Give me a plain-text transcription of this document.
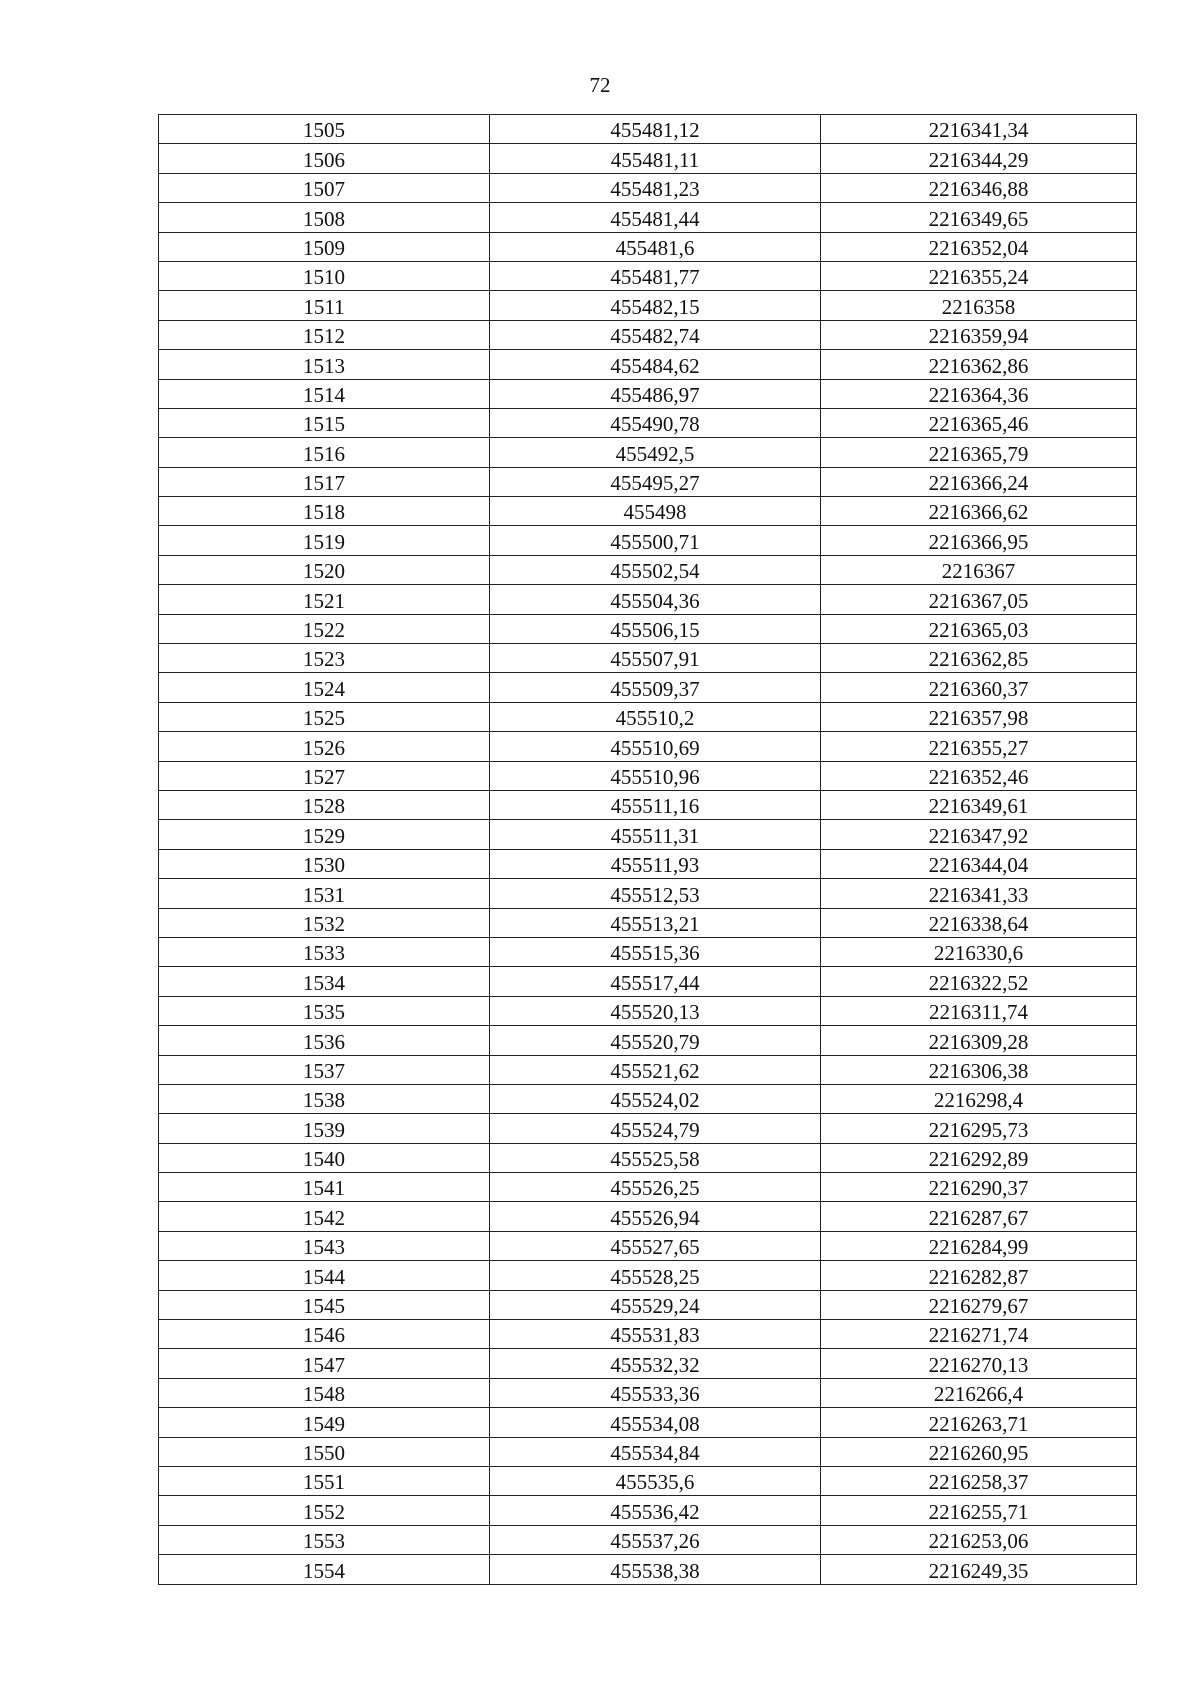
72
1505	455481,12	2216341,34
1506	455481,11	2216344,29
1507	455481,23	2216346,88
1508	455481,44	2216349,65
1509	455481,6	2216352,04
1510	455481,77	2216355,24
1511	455482,15	2216358
1512	455482,74	2216359,94
1513	455484,62	2216362,86
1514	455486,97	2216364,36
1515	455490,78	2216365,46
1516	455492,5	2216365,79
1517	455495,27	2216366,24
1518	455498	2216366,62
1519	455500,71	2216366,95
1520	455502,54	2216367
1521	455504,36	2216367,05
1522	455506,15	2216365,03
1523	455507,91	2216362,85
1524	455509,37	2216360,37
1525	455510,2	2216357,98
1526	455510,69	2216355,27
1527	455510,96	2216352,46
1528	455511,16	2216349,61
1529	455511,31	2216347,92
1530	455511,93	2216344,04
1531	455512,53	2216341,33
1532	455513,21	2216338,64
1533	455515,36	2216330,6
1534	455517,44	2216322,52
1535	455520,13	2216311,74
1536	455520,79	2216309,28
1537	455521,62	2216306,38
1538	455524,02	2216298,4
1539	455524,79	2216295,73
1540	455525,58	2216292,89
1541	455526,25	2216290,37
1542	455526,94	2216287,67
1543	455527,65	2216284,99
1544	455528,25	2216282,87
1545	455529,24	2216279,67
1546	455531,83	2216271,74
1547	455532,32	2216270,13
1548	455533,36	2216266,4
1549	455534,08	2216263,71
1550	455534,84	2216260,95
1551	455535,6	2216258,37
1552	455536,42	2216255,71
1553	455537,26	2216253,06
1554	455538,38	2216249,35
